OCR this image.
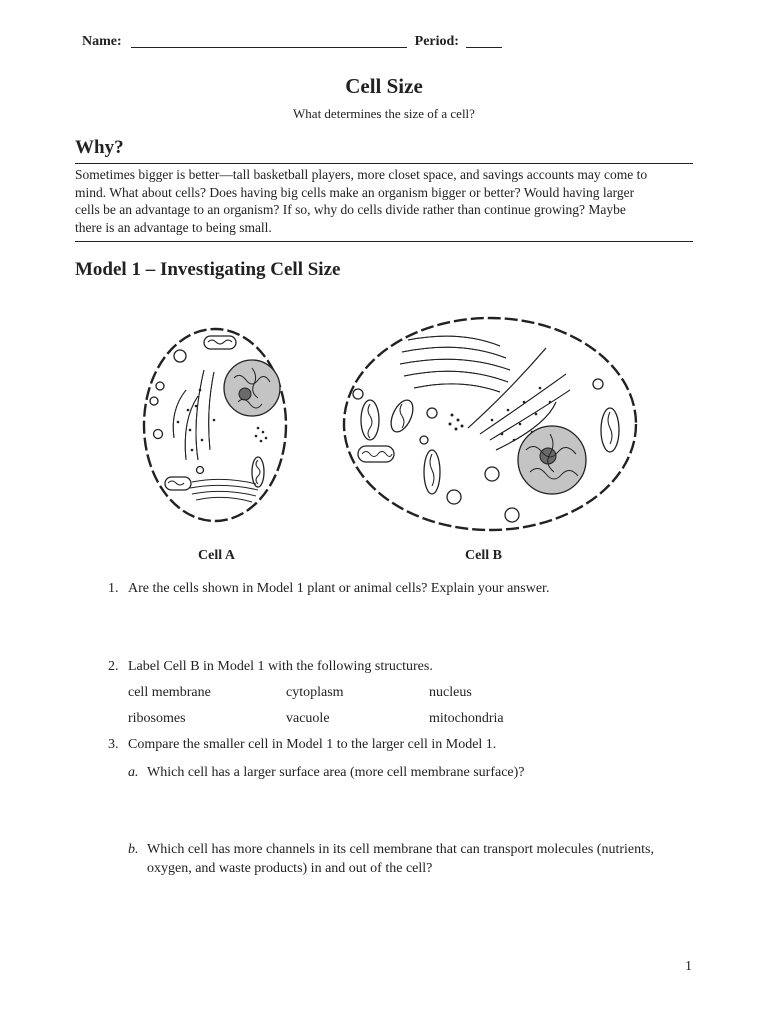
Name:	Period:
Cell Size
What determines the size of a cell?
Why?
Sometimes bigger is better—tall basketball players, more closet space, and savings accounts may come to
mind. What about cells? Does having big cells make an organism bigger or better? Would having larger
cells be an advantage to an organism? If so, why do cells divide rather than continue growing? Maybe
there is an advantage to being small.
Model 1 – Investigating Cell Size
Cell A	Cell B
1. Are the cells shown in Model 1 plant or animal cells? Explain your answer.
2. Label Cell B in Model 1 with the following structures.
cell membrane	cytoplasm	nucleus
ribosomes	vacuole	mitochondria
3. Compare the smaller cell in Model 1 to the larger cell in Model 1.
a. Which cell has a larger surface area (more cell membrane surface)?
b. Which cell has more channels in its cell membrane that can transport molecules (nutrients,
oxygen, and waste products) in and out of the cell?
1
